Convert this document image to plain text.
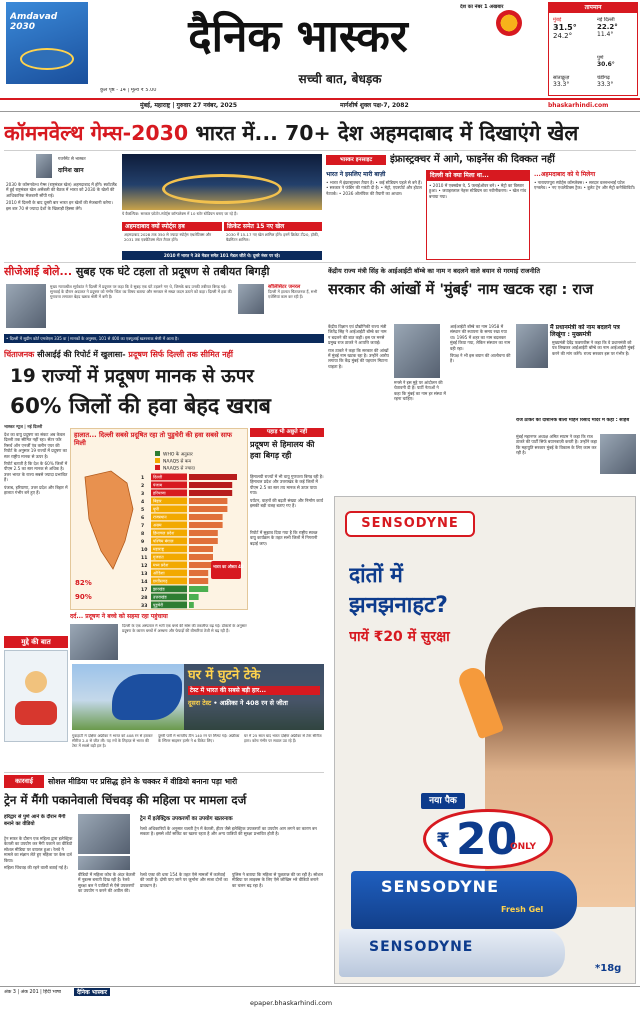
Amdavad 2030
कुल पृष्ठ - 14 | मूल्य ₹ 5.00
दैनिक भास्कर
सच्ची बात, बेधड़क
देश का नंबर 1 अखबार	तापमान
मुंबई
31.5°
24.2°
नई दिल्ली
22.2°
11.4°
पुणे
30.6°
सांताक्रुज़
33.3°
चंडीगढ़
33.3°
मुंबई, महाराष्ट्र | गुरुवार 27 नवंबर, 2025	मार्गशीर्ष शुक्ल पक्ष-7, 2082	bhaskarhindi.com
कॉमनवेल्थ गेम्स-2030 भारत में... 70+ देश अहमदाबाद में दिखाएंगे खेल
गवर्नमेंट से भास्कर
दानिश खान

2030 के कॉमनवेल्थ गेम्स (राष्ट्रमंडल खेल) अहमदाबाद में होंगे। स्कॉटलैंड में हुई राष्ट्रमंडल खेल असेंबली की बैठक में भारत को 2030 के खेलों की आधिकारिक मेजबानी सौंपी गई।

2010 में दिल्ली के बाद दूसरी बार भारत इन खेलों की मेजबानी करेगा। इस बार 70 से ज्यादा देशों के खिलाड़ी हिस्सा लेंगे।

ये वैकल्पिक: सरकार फ़ोटोर-स्पोर्ट्स कॉम्पलेक्स में 10 स्टोर स्टेडियम बनाए जा रहे हैं।
अहमदाबाद क्यों स्पोर्ट्स हब
अहमदाबाद 2028 तक 350 से ज्यादा स्पोर्ट्स एथलेटिक्स और 2031 तक एक्वेटिक्स सेंटर तैयार होंगे।
क्रिकेट समेत 15 नए खेल
2030 में 15-17 नए खेल शामिल होंगे। इनमें क्रिकेट टी20, हॉकी, बैडमिंटन शामिल।
2010 में भारत ने 38 मेडल समेत 101 मेडल जीते थे। दूसरे नंबर पर रहे।
भास्कर इनसाइट	इंफ्रास्ट्रक्चर में आगे, फाइनेंस की दिक्कत नहीं
भारत ने इसलिए मारी बाज़ी
• भारत में इंफ्रास्ट्रक्चर तैयार है। • कई स्टेडियम पहले से बने हैं। • सरकार ने फंडिंग की गारंटी दी है। • मेट्रो, एयरपोर्ट और होटल नेटवर्क। • 2036 ओलंपिक की तैयारी का आधार।
दिल्ली को क्या मिला था...
• 2010 में एक्सप्रेस वे, 5 फ्लाईओवर बने। • मेट्रो का विस्तार हुआ। • जवाहरलाल नेहरू स्टेडियम का नवीनीकरण। • खेल गांव बनाया गया।
...अहमदाबाद को ये मिलेगा
• नारायणपुरा स्पोर्ट्स कॉम्प्लेक्स। • सरदार वल्लभभाई पटेल एन्क्लेव। • नए एथलेटिक्स ट्रैक। • बुलेट ट्रेन और मेट्रो कनेक्टिविटी।
सीजेआई बोले... सुबह एक घंटे टहला तो प्रदूषण से तबीयत बिगड़ी
मुख्य न्यायाधीश सूर्यकांत ने दिल्ली में प्रदूषण पर कहा कि वे सुबह एक घंटे टहलने गए थे, जिसके बाद उनकी तबीयत बिगड़ गई। सुनवाई के दौरान अदालत ने प्रदूषण को गंभीर चिंता का विषय बताया और सरकार से सख्त कदम उठाने को कहा। दिल्ली में हवा की गुणवत्ता लगातार बेहद खराब श्रेणी में बनी है।
सॉलिसिटर जनरल
दिल्ली में हालात चिंताजनक हैं, सभी एजेंसियां काम कर रही हैं।
• दिल्ली में सुप्रीम कोर्ट एमजेएस 335 वा | मानकों के अनुसार, 101 से 400 का एक्यूआई खतरनाक श्रेणी में आता है।
केंद्रीय राज्य मंत्री सिंह के आईआईटी बॉम्बे का नाम न बदलने वाले बयान से गरमाई राजनीति
सरकार की आंखों में 'मुंबई' नाम खटक रहा : राज

केंद्रीय विज्ञान एवं प्रौद्योगिकी राज्य मंत्री जितेंद्र सिंह ने आईआईटी बॉम्बे का नाम न बदलने की बात कही। इस पर मनसे प्रमुख राज ठाकरे ने आपत्ति जताई।

राज ठाकरे ने कहा कि सरकार की आंखों में मुंबई नाम खटक रहा है। उन्होंने आरोप लगाया कि केंद्र मुंबई की पहचान मिटाना चाहता है।

मनसे ने इस मुद्दे पर आंदोलन की चेतावनी दी है। पार्टी नेताओं ने कहा कि मुंबई का नाम हर संस्था में रहना चाहिए।

आईआईटी बॉम्बे का नाम 1958 में संस्थान की स्थापना के समय रखा गया था। 1995 में शहर का नाम बदलकर मुंबई किया गया, लेकिन संस्थान का नाम वही रहा।

विपक्ष ने भी इस बयान की आलोचना की है।

मैं प्रधानमंत्री को नाम बदलने पत्र लिखूंगा : मुख्यमंत्री
मुख्यमंत्री देवेंद्र फडणवीस ने कहा कि वे प्रधानमंत्री को पत्र लिखकर आईआईटी बॉम्बे का नाम आईआईटी मुंबई करने की मांग करेंगे। राज्य सरकार इस पर गंभीर है।
राज ठाकरे को दार्शनिक बाला मोहन रिसाद मंदिर में कहा : साहब
मुंबई महानगर अध्यक्ष अमित साटम ने कहा कि राज ठाकरे की पार्टी सिर्फ बयानबाज़ी करती है। उन्होंने कहा कि महायुति सरकार मुंबई के विकास के लिए काम कर रही है।
चिंताजनक सीआईई की रिपोर्ट में खुलासा- प्रदूषण सिर्फ दिल्ली तक सीमित नहीं
19 राज्यों में प्रदूषण मानक से ऊपर
60% जिलों की हवा बेहद खराब
भास्कर न्यूज | नई दिल्ली

देश का वायु प्रदूषण का संकट अब केवल दिल्ली तक सीमित नहीं रहा। सेंटर फॉर रिसर्च ऑन एनर्जी एंड क्लीन एयर की रिपोर्ट के अनुसार 19 राज्यों में प्रदूषण का स्तर राष्ट्रीय मानक से ऊपर है।

रिपोर्ट बताती है कि देश के 60% जिलों में पीएम 2.5 का स्तर मानक से अधिक है। उत्तर भारत के राज्य सबसे ज्यादा प्रभावित हैं।

पंजाब, हरियाणा, उत्तर प्रदेश और बिहार में हालात गंभीर बने हुए हैं।

हालात... दिल्ली सबसे प्रदूषित रहा तो पुडुचेरी की हवा सबसे साफ मिली
WHO के अनुसार
NAAQS से कम
NAAQS से ज्यादा
1 दिल्ली
2 पंजाब
3 हरियाणा
4 बिहार
5 यूपी
6 राजस्थान
7 असम
8 हिमाचल प्रदेश
9 पश्चिम बंगाल
10 महाराष्ट्र
11 गुजरात
12 मध्य प्रदेश
13 ओडिशा
14 छत्तीसगढ़
17 झारखंड
28 उत्तराखंड
33 पुडुचेरी
भारत का औसत 40
82%
90%
दर्द... प्रदूषण ने बच्चे को सहमा रहा पहुंचाया
दिल्ली के एक अस्पताल में भर्ती एक बच्चे की सांस की तकलीफ बढ़ गई। डॉक्टरों के अनुसार प्रदूषण के कारण बच्चों में अस्थमा और फेफड़ों की बीमारियां तेजी से बढ़ रही हैं।
पहाड़ भी अछूते नहीं
प्रदूषण से हिमालय की हवा बिगड़ रही

हिमालयी राज्यों में भी वायु गुणवत्ता बिगड़ रही है। हिमाचल प्रदेश और उत्तराखंड के कई जिलों में पीएम 2.5 का स्तर तय मानक से ऊपर पाया गया।

पर्यटन, वाहनों की बढ़ती संख्या और निर्माण कार्य इसकी बड़ी वजह बताए गए हैं।

रिपोर्ट में सुझाव दिया गया है कि राष्ट्रीय स्वच्छ वायु कार्यक्रम के तहत सभी जिलों में निगरानी बढ़ाई जाए।

मुद्दे की बात
घर में घुटने टेके
टेस्ट में भारत की सबसे बड़ी हार...
दूसरा टेस्ट • अफ्रीका ने 408 रन से जीता
गुवाहाटी में दक्षिण अफ्रीका ने भारत को 408 रन से हराकर सीरीज 2-0 से जीत ली। यह रनों के लिहाज़ से भारत की टेस्ट में सबसे बड़ी हार है।
दूसरी पारी में भारतीय टीम 140 रन पर सिमट गई। अफ्रीका के स्पिनर साइमन हार्मर ने 6 विकेट लिए।
घर में 25 साल बाद भारत दक्षिण अफ्रीका से टेस्ट सीरीज हारा। कोच गंभीर पर सवाल उठ रहे हैं।
कारवाई	सोशल मीडिया पर प्रसिद्ध होने के चक्कर में वीडियो बनाना पड़ा भारी
ट्रेन में मैंगी पकानेवाली चिंचवड़ की महिला पर मामला दर्ज
हरिद्वार से पुणे आने के दौरान मैगी बनाने का वीडियो

ट्रेन सफर के दौरान एक महिला द्वारा इलेक्ट्रिक केतली का उपयोग कर मैगी पकाने का वीडियो सोशल मीडिया पर वायरल हुआ। रेलवे ने मामले का संज्ञान लेते हुए महिला पर केस दर्ज किया।

महिला चिंचवड़ की रहने वाली बताई गई है।

वीडियो में महिला कोच के अंदर केतली में नूडल्स बनाती दिख रही है। रेलवे सुरक्षा बल ने यात्रियों से ऐसे उपकरणों का उपयोग न करने की अपील की।

ट्रेन में इलेक्ट्रिक उपकरणों का उपयोग खतरनाक
रेलवे अधिकारियों के अनुसार चलती ट्रेन में केतली, हीटर जैसे इलेक्ट्रिक उपकरणों का उपयोग आग लगने का कारण बन सकता है। इससे शॉर्ट सर्किट का खतरा रहता है और अन्य यात्रियों की सुरक्षा प्रभावित होती है।

रेलवे एक्ट की धारा 154 के तहत ऐसे मामलों में कार्रवाई की जाती है। दोषी पाए जाने पर जुर्माना और सजा दोनों का प्रावधान है।

पुलिस ने बताया कि महिला से पूछताछ की जा रही है। सोशल मीडिया पर लाइक्स के लिए ऐसे जोखिम भरे वीडियो बनाने का चलन बढ़ रहा है।

SENSODYNE
दांतों में
झनझनाहट?
पायें ₹20 में सुरक्षा
नया पैक
₹ 20
ONLY
SENSODYNE
Fresh Gel
SENSODYNE
*18g
अंक 3 | अंक 201 | हिंदी भाषा	दैनिक भास्कर
epaper.bhaskarhindi.com
